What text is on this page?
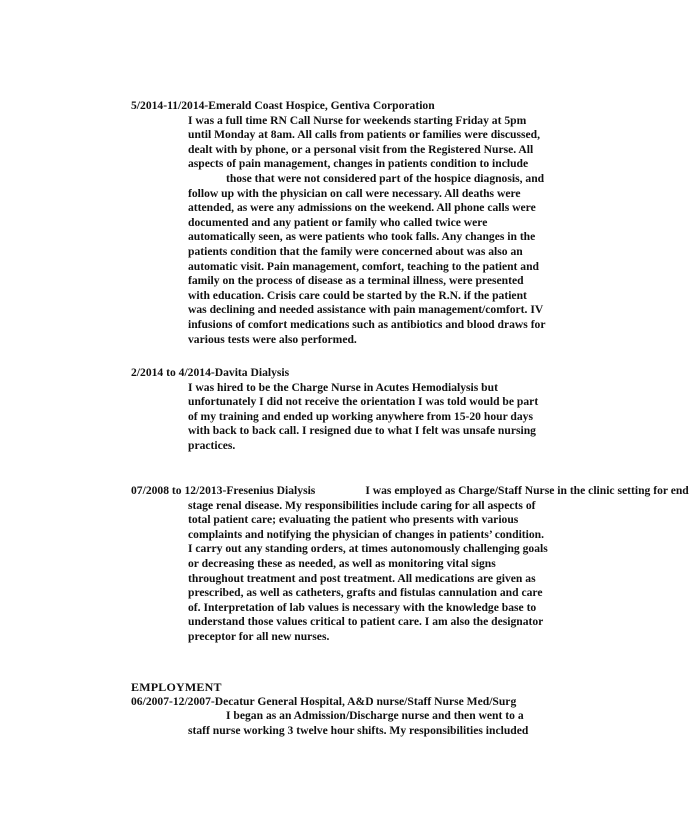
5/2014-11/2014-Emerald Coast Hospice, Gentiva Corporation
I was a full time RN Call Nurse for weekends starting Friday at 5pm
until Monday at 8am. All calls from patients or families were discussed,
dealt with by phone, or a personal visit from the Registered Nurse. All
aspects of pain management, changes in patients condition to include
those that were not considered part of the hospice diagnosis, and
follow up with the physician on call were necessary. All deaths were
attended, as were any admissions on the weekend. All phone calls were
documented and any patient or family who called twice were
automatically seen, as were patients who took falls. Any changes in the
patients condition that the family were concerned about was also an
automatic visit. Pain management, comfort, teaching to the patient and
family on the process of disease as a terminal illness, were presented
with education. Crisis care could be started by the R.N. if the patient
was declining and needed assistance with pain management/comfort. IV
infusions of comfort medications such as antibiotics and blood draws for
various tests were also performed.
2/2014 to 4/2014-Davita Dialysis
I was hired to be the Charge Nurse in Acutes Hemodialysis but
unfortunately I did not receive the orientation I was told would be part
of my training and ended up working anywhere from 15-20 hour days
with back to back call. I resigned due to what I felt was unsafe nursing
practices.
07/2008 to 12/2013-Fresenius Dialysis	I was employed as Charge/Staff Nurse in the clinic setting for end
stage renal disease. My responsibilities include caring for all aspects of
total patient care; evaluating the patient who presents with various
complaints and notifying the physician of changes in patients’ condition.
I carry out any standing orders, at times autonomously challenging goals
or decreasing these as needed, as well as monitoring vital signs
throughout treatment and post treatment. All medications are given as
prescribed, as well as catheters, grafts and fistulas cannulation and care
of. Interpretation of lab values is necessary with the knowledge base to
understand those values critical to patient care. I am also the designator
preceptor for all new nurses.
EMPLOYMENT
06/2007-12/2007-Decatur General Hospital, A&D nurse/Staff Nurse Med/Surg
I began as an Admission/Discharge nurse and then went to a
staff nurse working 3 twelve hour shifts. My responsibilities included
